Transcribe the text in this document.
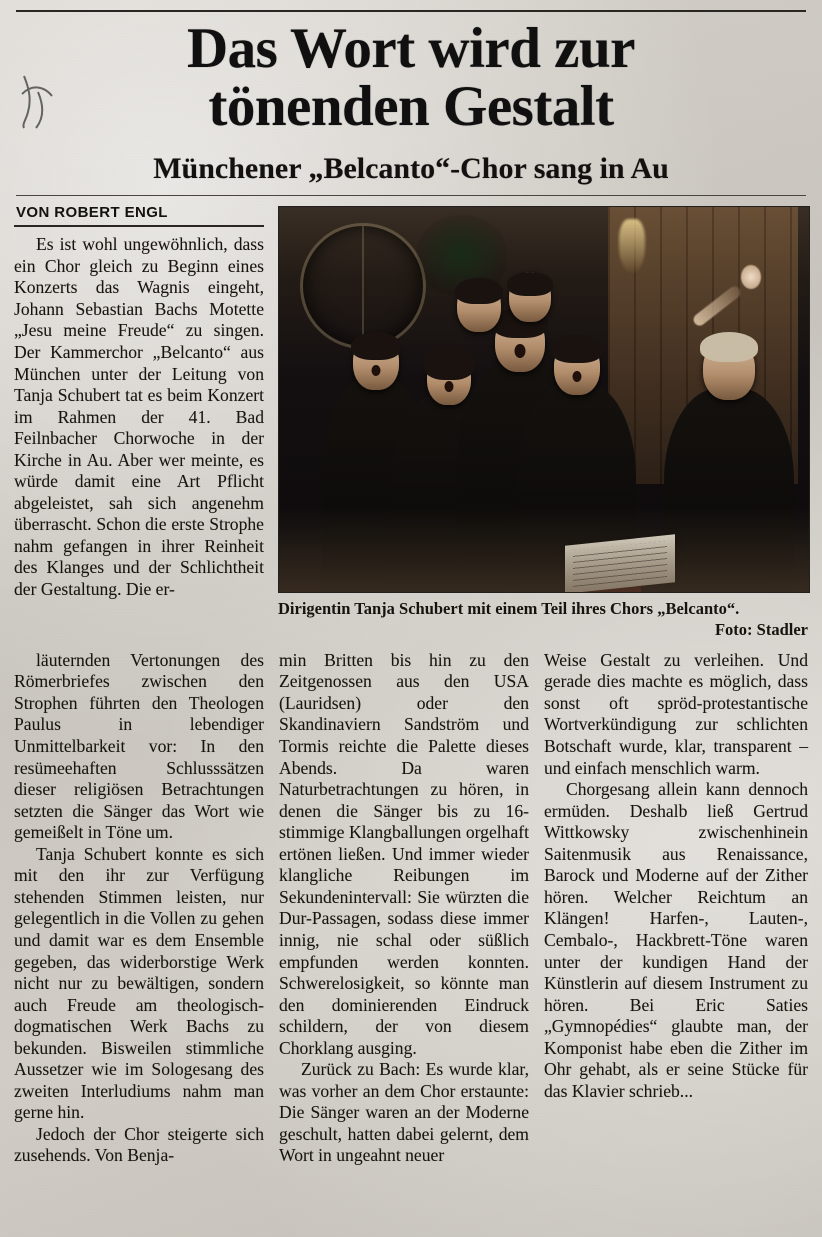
Das Wort wird zur
tönenden Gestalt
Münchener „Belcanto“-Chor sang in Au
VON ROBERT ENGL

Es ist wohl ungewöhnlich, dass ein Chor gleich zu Beginn eines Konzerts das Wagnis eingeht, Johann Sebastian Bachs Motette „Jesu meine Freude“ zu singen. Der Kammerchor „Belcanto“ aus München unter der Leitung von Tanja Schubert tat es beim Konzert im Rahmen der 41. Bad Feilnbacher Chorwoche in der Kirche in Au. Aber wer meinte, es würde damit eine Art Pflicht abgeleistet, sah sich angenehm überrascht. Schon die erste Strophe nahm gefangen in ihrer Reinheit des Klanges und der Schlichtheit der Gestaltung. Die er-

Dirigentin Tanja Schubert mit einem Teil ihres Chors „Belcanto“.
Foto: Stadler

läuternden Vertonungen des Römerbriefes zwischen den Strophen führten den Theologen Paulus in lebendiger Unmittelbarkeit vor: In den resümeehaften Schlusssätzen dieser religiösen Betrachtungen setzten die Sänger das Wort wie gemeißelt in Töne um.

Tanja Schubert konnte es sich mit den ihr zur Verfügung stehenden Stimmen leisten, nur gelegentlich in die Vollen zu gehen und damit war es dem Ensemble gegeben, das widerborstige Werk nicht nur zu bewältigen, sondern auch Freude am theologisch-dogmatischen Werk Bachs zu bekunden. Bisweilen stimmliche Aussetzer wie im Sologesang des zweiten Interludiums nahm man gerne hin.

Jedoch der Chor steigerte sich zusehends. Von Benja-

min Britten bis hin zu den Zeitgenossen aus den USA (Lauridsen) oder den Skandinaviern Sandström und Tormis reichte die Palette dieses Abends. Da waren Naturbetrachtungen zu hören, in denen die Sänger bis zu 16-stimmige Klangballungen orgelhaft ertönen ließen. Und immer wieder klangliche Reibungen im Sekundenintervall: Sie würzten die Dur-Passagen, sodass diese immer innig, nie schal oder süßlich empfunden werden konnten. Schwerelosigkeit, so könnte man den dominierenden Eindruck schildern, der von diesem Chorklang ausging.

Zurück zu Bach: Es wurde klar, was vorher an dem Chor erstaunte: Die Sänger waren an der Moderne geschult, hatten dabei gelernt, dem Wort in ungeahnt neuer

Weise Gestalt zu verleihen. Und gerade dies machte es möglich, dass sonst oft spröd-protestantische Wortverkündigung zur schlichten Botschaft wurde, klar, transparent – und einfach menschlich warm.

Chorgesang allein kann dennoch ermüden. Deshalb ließ Gertrud Wittkowsky zwischenhinein Saitenmusik aus Renaissance, Barock und Moderne auf der Zither hören. Welcher Reichtum an Klängen! Harfen-, Lauten-, Cembalo-, Hackbrett-Töne waren unter der kundigen Hand der Künstlerin auf diesem Instrument zu hören. Bei Eric Saties „Gymnopédies“ glaubte man, der Komponist habe eben die Zither im Ohr gehabt, als er seine Stücke für das Klavier schrieb...
